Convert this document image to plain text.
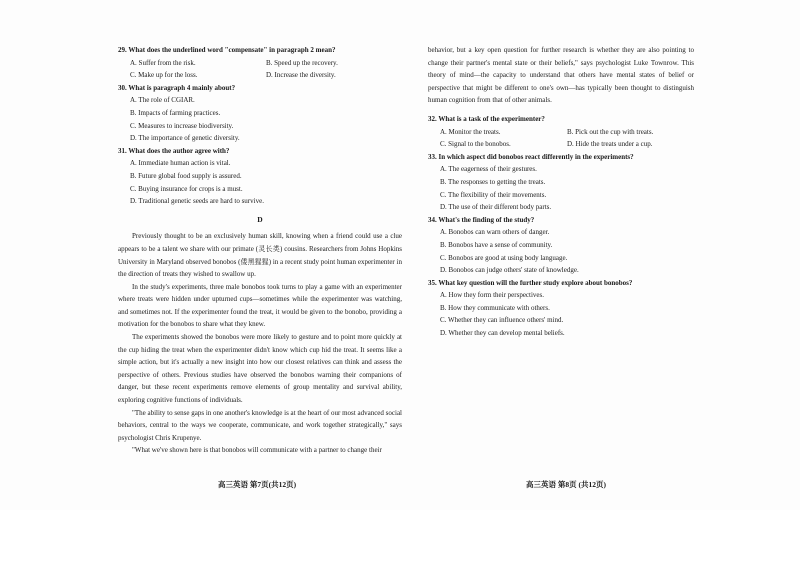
29. What does the underlined word "compensate" in paragraph 2 mean?

A. Suffer from the risk.	B. Speed up the recovery.
C. Make up for the loss.	D. Increase the diversity.

30. What is paragraph 4 mainly about?

A. The role of CGIAR.

B. Impacts of farming practices.

C. Measures to increase biodiversity.

D. The importance of genetic diversity.

31. What does the author agree with?

A. Immediate human action is vital.

B. Future global food supply is assured.

C. Buying insurance for crops is a must.

D. Traditional genetic seeds are hard to survive.

D

Previously thought to be an exclusively human skill, knowing when a friend could use a clue appears to be a talent we share with our primate (灵长类) cousins. Researchers from Johns Hopkins University in Maryland observed bonobos (倭黑猩猩) in a recent study point human experimenter in the direction of treats they wished to swallow up.

In the study's experiments, three male bonobos took turns to play a game with an experimenter where treats were hidden under upturned cups—sometimes while the experimenter was watching, and sometimes not. If the experimenter found the treat, it would be given to the bonobo, providing a motivation for the bonobos to share what they knew.

The experiments showed the bonobos were more likely to gesture and to point more quickly at the cup hiding the treat when the experimenter didn't know which cup hid the treat. It seems like a simple action, but it's actually a new insight into how our closest relatives can think and assess the perspective of others. Previous studies have observed the bonobos warning their companions of danger, but these recent experiments remove elements of group mentality and survival ability, exploring cognitive functions of individuals.

"The ability to sense gaps in one another's knowledge is at the heart of our most advanced social behaviors, central to the ways we cooperate, communicate, and work together strategically," says psychologist Chris Krupenye.

"What we've shown here is that bonobos will communicate with a partner to change their

behavior, but a key open question for further research is whether they are also pointing to change their partner's mental state or their beliefs," says psychologist Luke Townrow. This theory of mind—the capacity to understand that others have mental states of belief or perspective that might be different to one's own—has typically been thought to distinguish human cognition from that of other animals.

32. What is a task of the experimenter?

A. Monitor the treats.	B. Pick out the cup with treats.
C. Signal to the bonobos.	D. Hide the treats under a cup.

33. In which aspect did bonobos react differently in the experiments?

A. The eagerness of their gestures.

B. The responses to getting the treats.

C. The flexibility of their movements.

D. The use of their different body parts.

34. What's the finding of the study?

A. Bonobos can warn others of danger.

B. Bonobos have a sense of community.

C. Bonobos are good at using body language.

D. Bonobos can judge others' state of knowledge.

35. What key question will the further study explore about bonobos?

A. How they form their perspectives.

B. How they communicate with others.

C. Whether they can influence others' mind.

D. Whether they can develop mental beliefs.

高三英语 第7页(共12页)	高三英语 第8页 (共12页)
